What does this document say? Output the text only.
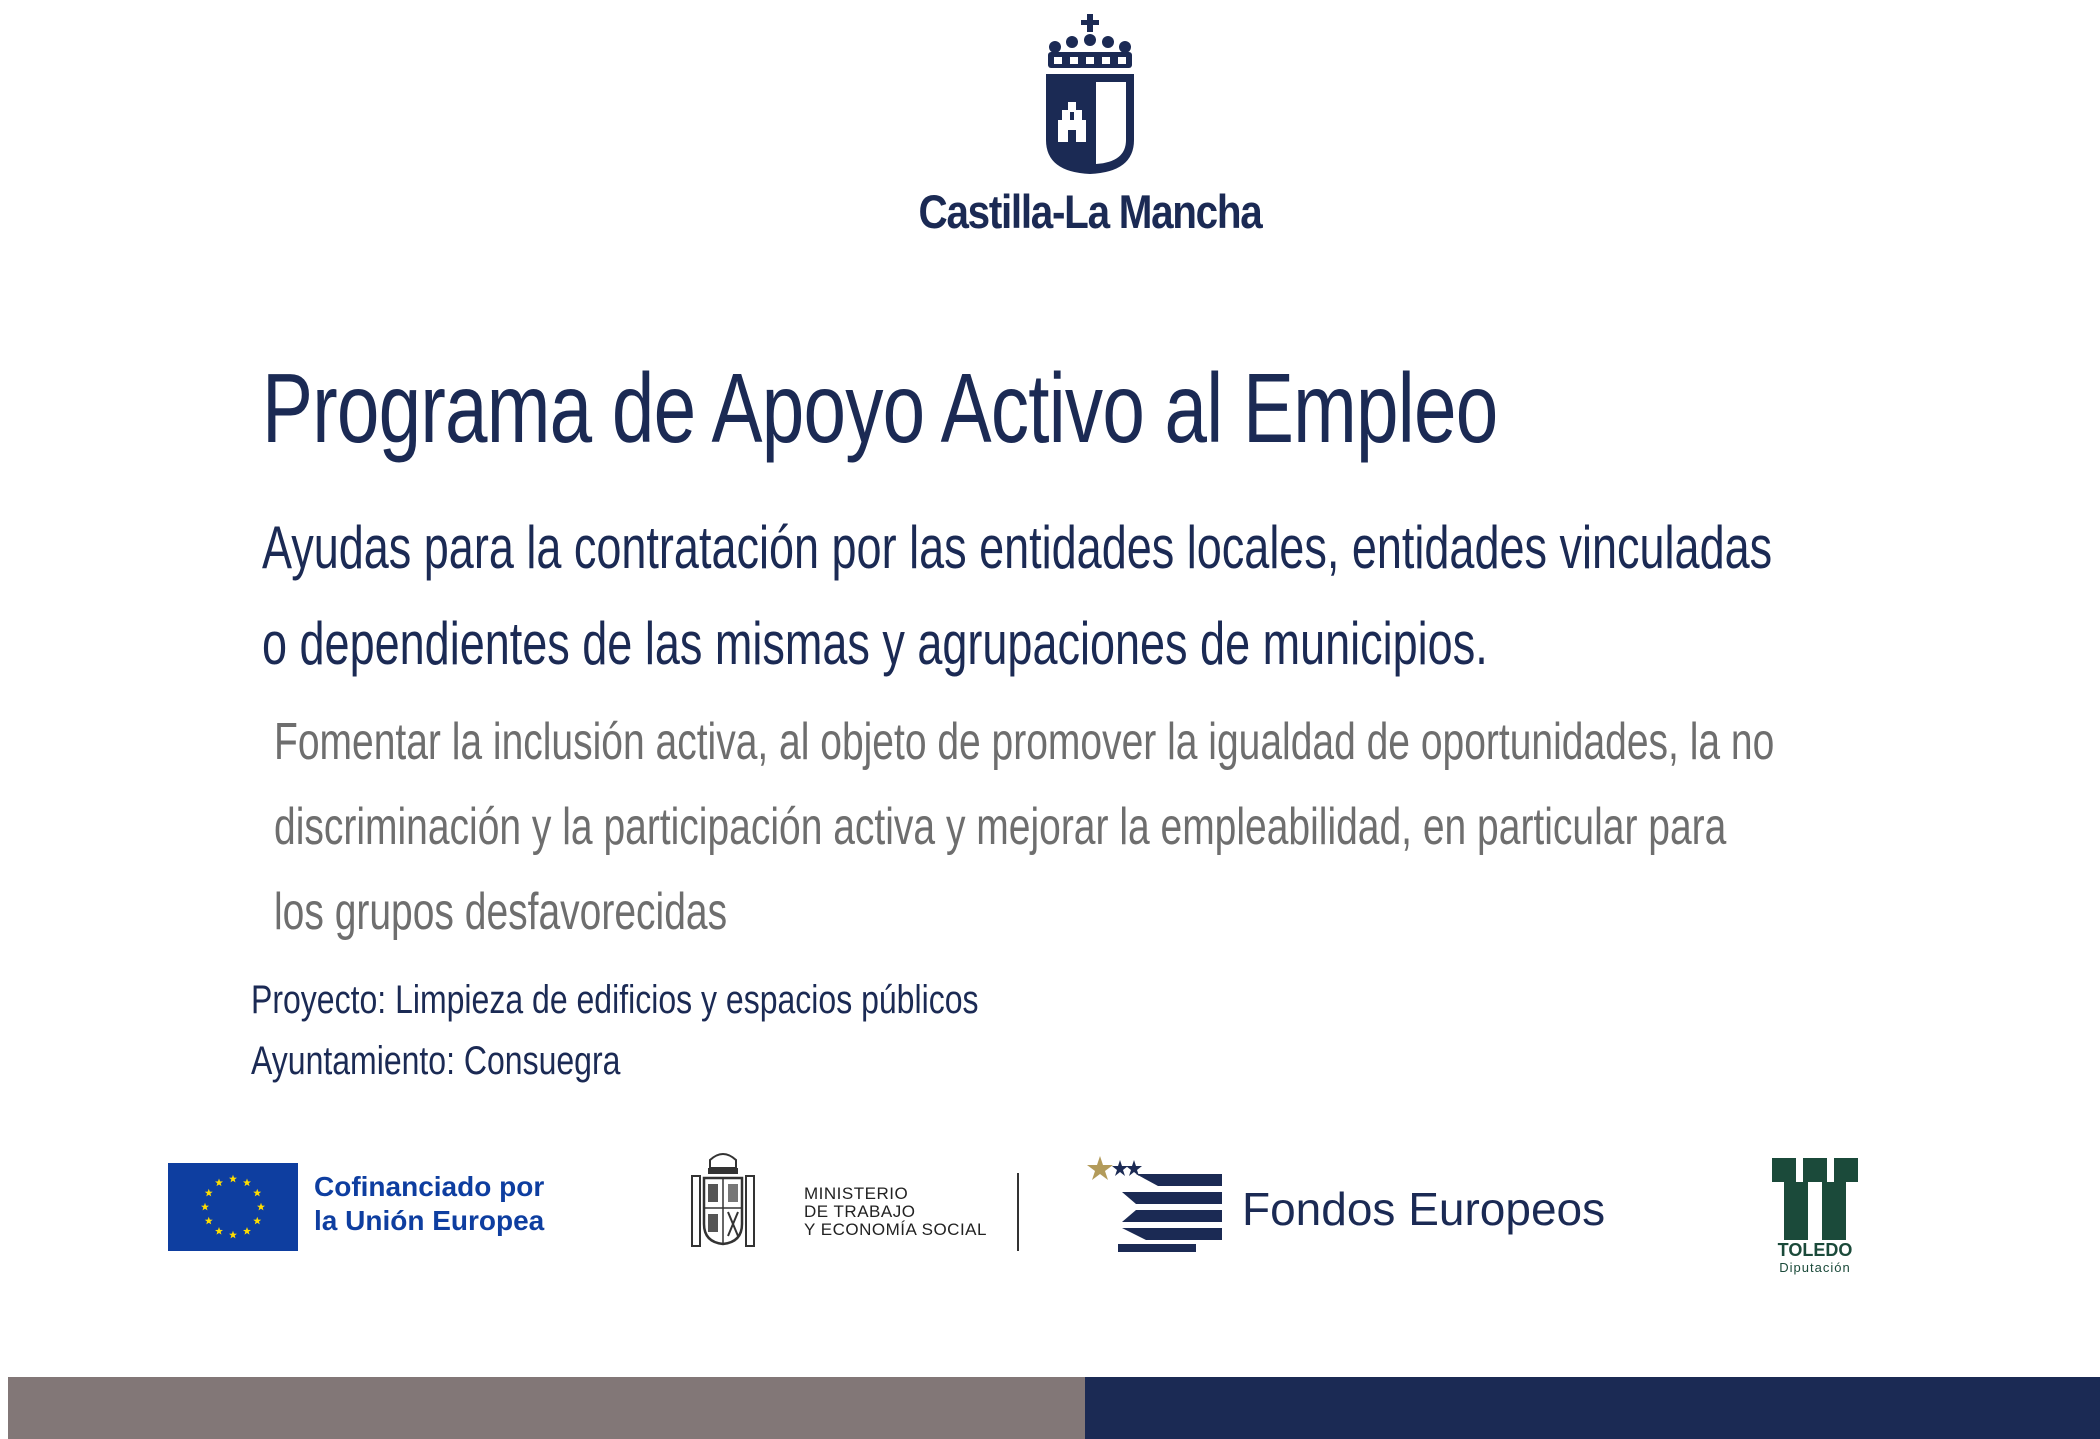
Castilla-La Mancha
Programa de Apoyo Activo al Empleo

Ayudas para la contratación por las entidades locales, entidades vinculadas

o dependientes de las mismas y agrupaciones de municipios.

Fomentar la inclusión activa, al objeto de promover la igualdad de oportunidades, la no

discriminación y la participación activa y mejorar la empleabilidad, en particular para

los grupos desfavorecidas

Proyecto: Limpieza de edificios y espacios públicos

Ayuntamiento: Consuegra

Cofinanciado por

la Unión Europea

MINISTERIO

DE TRABAJO

Y ECONOMÍA SOCIAL	Fondos Europeos
TOLEDO
Diputación
